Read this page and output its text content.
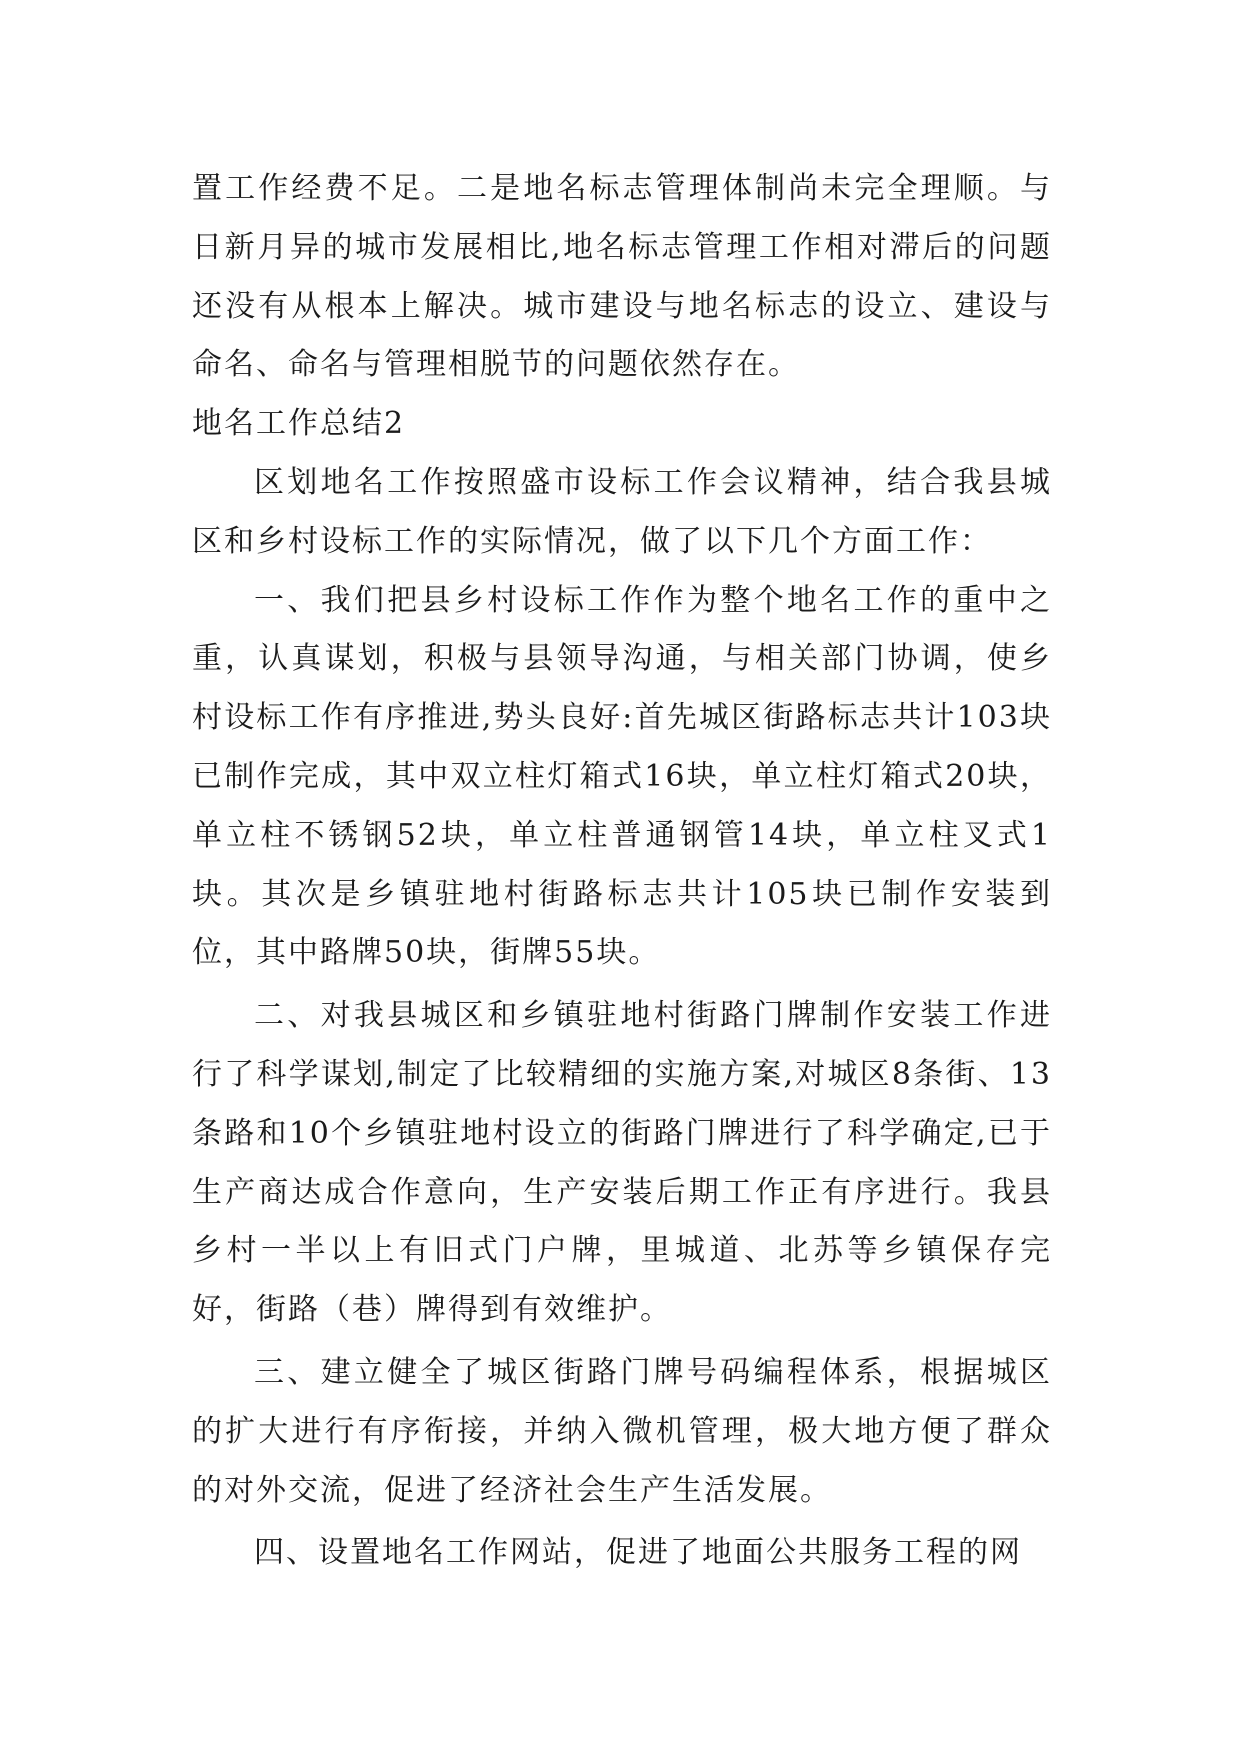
置工作经费不足。二是地名标志管理体制尚未完全理顺。与日新月异的城市发展相比,地名标志管理工作相对滞后的问题还没有从根本上解决。城市建设与地名标志的设立、建设与命名、命名与管理相脱节的问题依然存在。

地名工作总结2

区划地名工作按照盛市设标工作会议精神，结合我县城区和乡村设标工作的实际情况，做了以下几个方面工作：

一、我们把县乡村设标工作作为整个地名工作的重中之重，认真谋划，积极与县领导沟通，与相关部门协调，使乡村设标工作有序推进,势头良好:首先城区街路标志共计103块已制作完成，其中双立柱灯箱式16块，单立柱灯箱式20块，单立柱不锈钢52块，单立柱普通钢管14块，单立柱叉式1块。其次是乡镇驻地村街路标志共计105块已制作安装到位，其中路牌50块，街牌55块。

二、对我县城区和乡镇驻地村街路门牌制作安装工作进行了科学谋划,制定了比较精细的实施方案,对城区8条街、13条路和10个乡镇驻地村设立的街路门牌进行了科学确定,已于生产商达成合作意向，生产安装后期工作正有序进行。我县乡村一半以上有旧式门户牌，里城道、北苏等乡镇保存完好，街路（巷）牌得到有效维护。

三、建立健全了城区街路门牌号码编程体系，根据城区的扩大进行有序衔接，并纳入微机管理，极大地方便了群众的对外交流，促进了经济社会生产生活发展。

四、设置地名工作网站，促进了地面公共服务工程的网
